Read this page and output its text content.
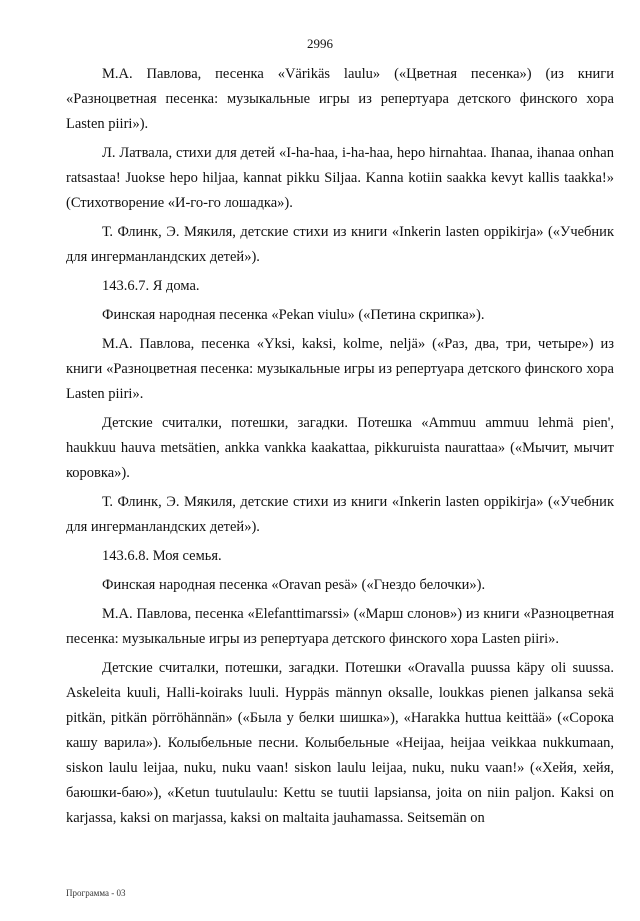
2996

М.А. Павлова, песенка «Värikäs laulu» («Цветная песенка») (из книги «Разноцветная песенка: музыкальные игры из репертуара детского финского хора Lasten piiri»).

Л. Латвала, стихи для детей «I-ha-haa, i-ha-haa, hepo hirnahtaa. Ihanaa, ihanaa onhan ratsastaa! Juokse hepo hiljaa, kannat pikku Siljaa. Kanna kotiin saakka kevyt kallis taakka!» (Стихотворение «И-го-го лошадка»).

Т. Флинк, Э. Мякиля, детские стихи из книги «Inkerin lasten oppikirja» («Учебник для ингерманландских детей»).

143.6.7. Я дома.

Финская народная песенка «Pekan viulu» («Петина скрипка»).

М.А. Павлова, песенка «Yksi, kaksi, kolme, neljä» («Раз, два, три, четыре») из книги «Разноцветная песенка: музыкальные игры из репертуара детского финского хора Lasten piiri».

Детские считалки, потешки, загадки. Потешка «Ammuu ammuu lehmä pien', haukkuu hauva metsätien, ankka vankka kaakattaa, pikkuruista naurattaa» («Мычит, мычит коровка»).

Т. Флинк, Э. Мякиля, детские стихи из книги «Inkerin lasten oppikirja» («Учебник для ингерманландских детей»).

143.6.8. Моя семья.

Финская народная песенка «Oravan pesä» («Гнездо белочки»).

М.А. Павлова, песенка «Elefanttimarssi» («Марш слонов») из книги «Разноцветная песенка: музыкальные игры из репертуара детского финского хора Lasten piiri».

Детские считалки, потешки, загадки. Потешки «Oravalla puussa käpy oli suussa. Askeleita kuuli, Halli-koiraks luuli. Hyppäs männyn oksalle, loukkas pienen jalkansa sekä pitkän, pitkän pörröhännän» («Была у белки шишка»), «Harakka huttua keittää» («Сорока кашу варила»). Колыбельные песни. Колыбельные «Heijaa, heijaa veikkaa nukkumaan, siskon laulu leijaa, nuku, nuku vaan! siskon laulu leijaa, nuku, nuku vaan!» («Хейя, хейя, баюшки-баю»), «Ketun tuutulaulu: Kettu se tuutii lapsiansa, joita on niin paljon. Kaksi on karjassa, kaksi on marjassa, kaksi on maltaita jauhamassa. Seitsemän on

Программа - 03
